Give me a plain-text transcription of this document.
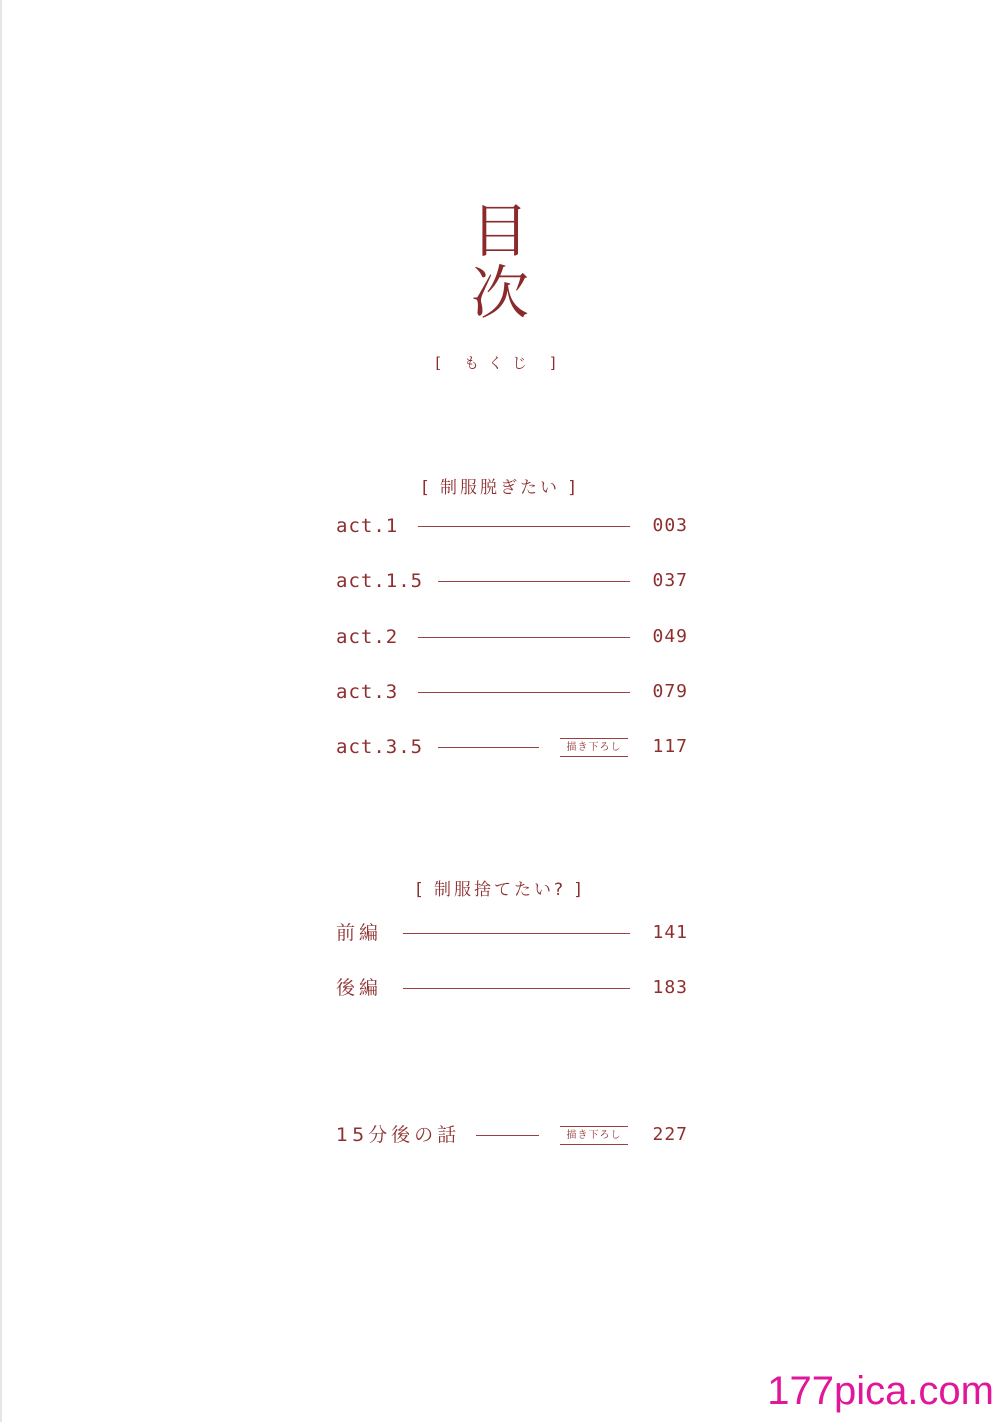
目
次
[ もくじ ]
[ 制服脱ぎたい ]
act.1	003
act.1.5	037
act.2	049
act.3	079
act.3.5	描き下ろし	117
[ 制服捨てたい? ]
前編	141
後編	183
15分後の話	描き下ろし	227
177pica.com
